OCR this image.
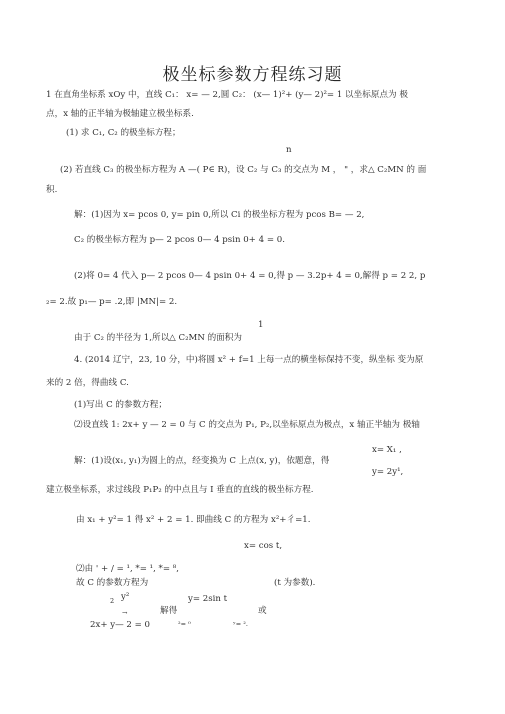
极坐标参数方程练习题
1 在直角坐标系 xOy 中，直线 C₁： x= — 2,圆 C₂： (x— 1)²+ (y— 2)²= 1 以坐标原点为 极
点，x 轴的正半轴为极轴建立极坐标系.
(1) 求 C₁, C₂ 的极坐标方程；
n
(2) 若直线 C₃ 的极坐标方程为 A —( P∈ R)，设 C₂ 与 C₃ 的交点为 M ， " ，求△ C₂MN 的 面
积.
解：(1)因为 x= pcos 0, y= pin 0,所以 Ci 的极坐标方程为 pcos B= — 2,
C₂ 的极坐标方程为 p— 2 pcos 0— 4 psin 0+ 4 = 0.
(2)将 0= 4 代入 p— 2 pcos 0— 4 psin 0+ 4 = 0,得 p — 3.2p+ 4 = 0,解得 p = 2 2, p
₂= 2.故 p₁— p= .2,即 |MN|= 2.
1
由于 C₂ 的半径为 1,所以△ C₂MN 的面积为
4. (2014 辽宁，23, 10 分，中)将圆 x² + f=1 上每一点的横坐标保持不变，纵坐标 变为原
来的 2 倍，得曲线 C.
(1)写出 C 的参数方程；
⑵设直线 1: 2x+ y — 2 = 0 与 C 的交点为 P₁, P₂,以坐标原点为极点，x 轴正半轴为 极轴
x= X₁ ,
解：(1)设(x₁, y₁)为圆上的点，经变换为 C 上点(x, y)，依题意，得
y= 2y¹,
建立极坐标系，求过线段 P₁P₂ 的中点且与 I 垂直的直线的极坐标方程.
由 x₁ + y²= 1 得 x² + 2 = 1. 即曲线 C 的方程为 x²+彳=1.
x= cos t,
⑵由 ' + / = ¹, *= ¹, *= ⁸,
故 C 的参数方程为	(t 为参数).
2 y²	y= 2sin t
→	解得	或
2x+ y— 2 = 0	²= ⁰	ʸ= ².
